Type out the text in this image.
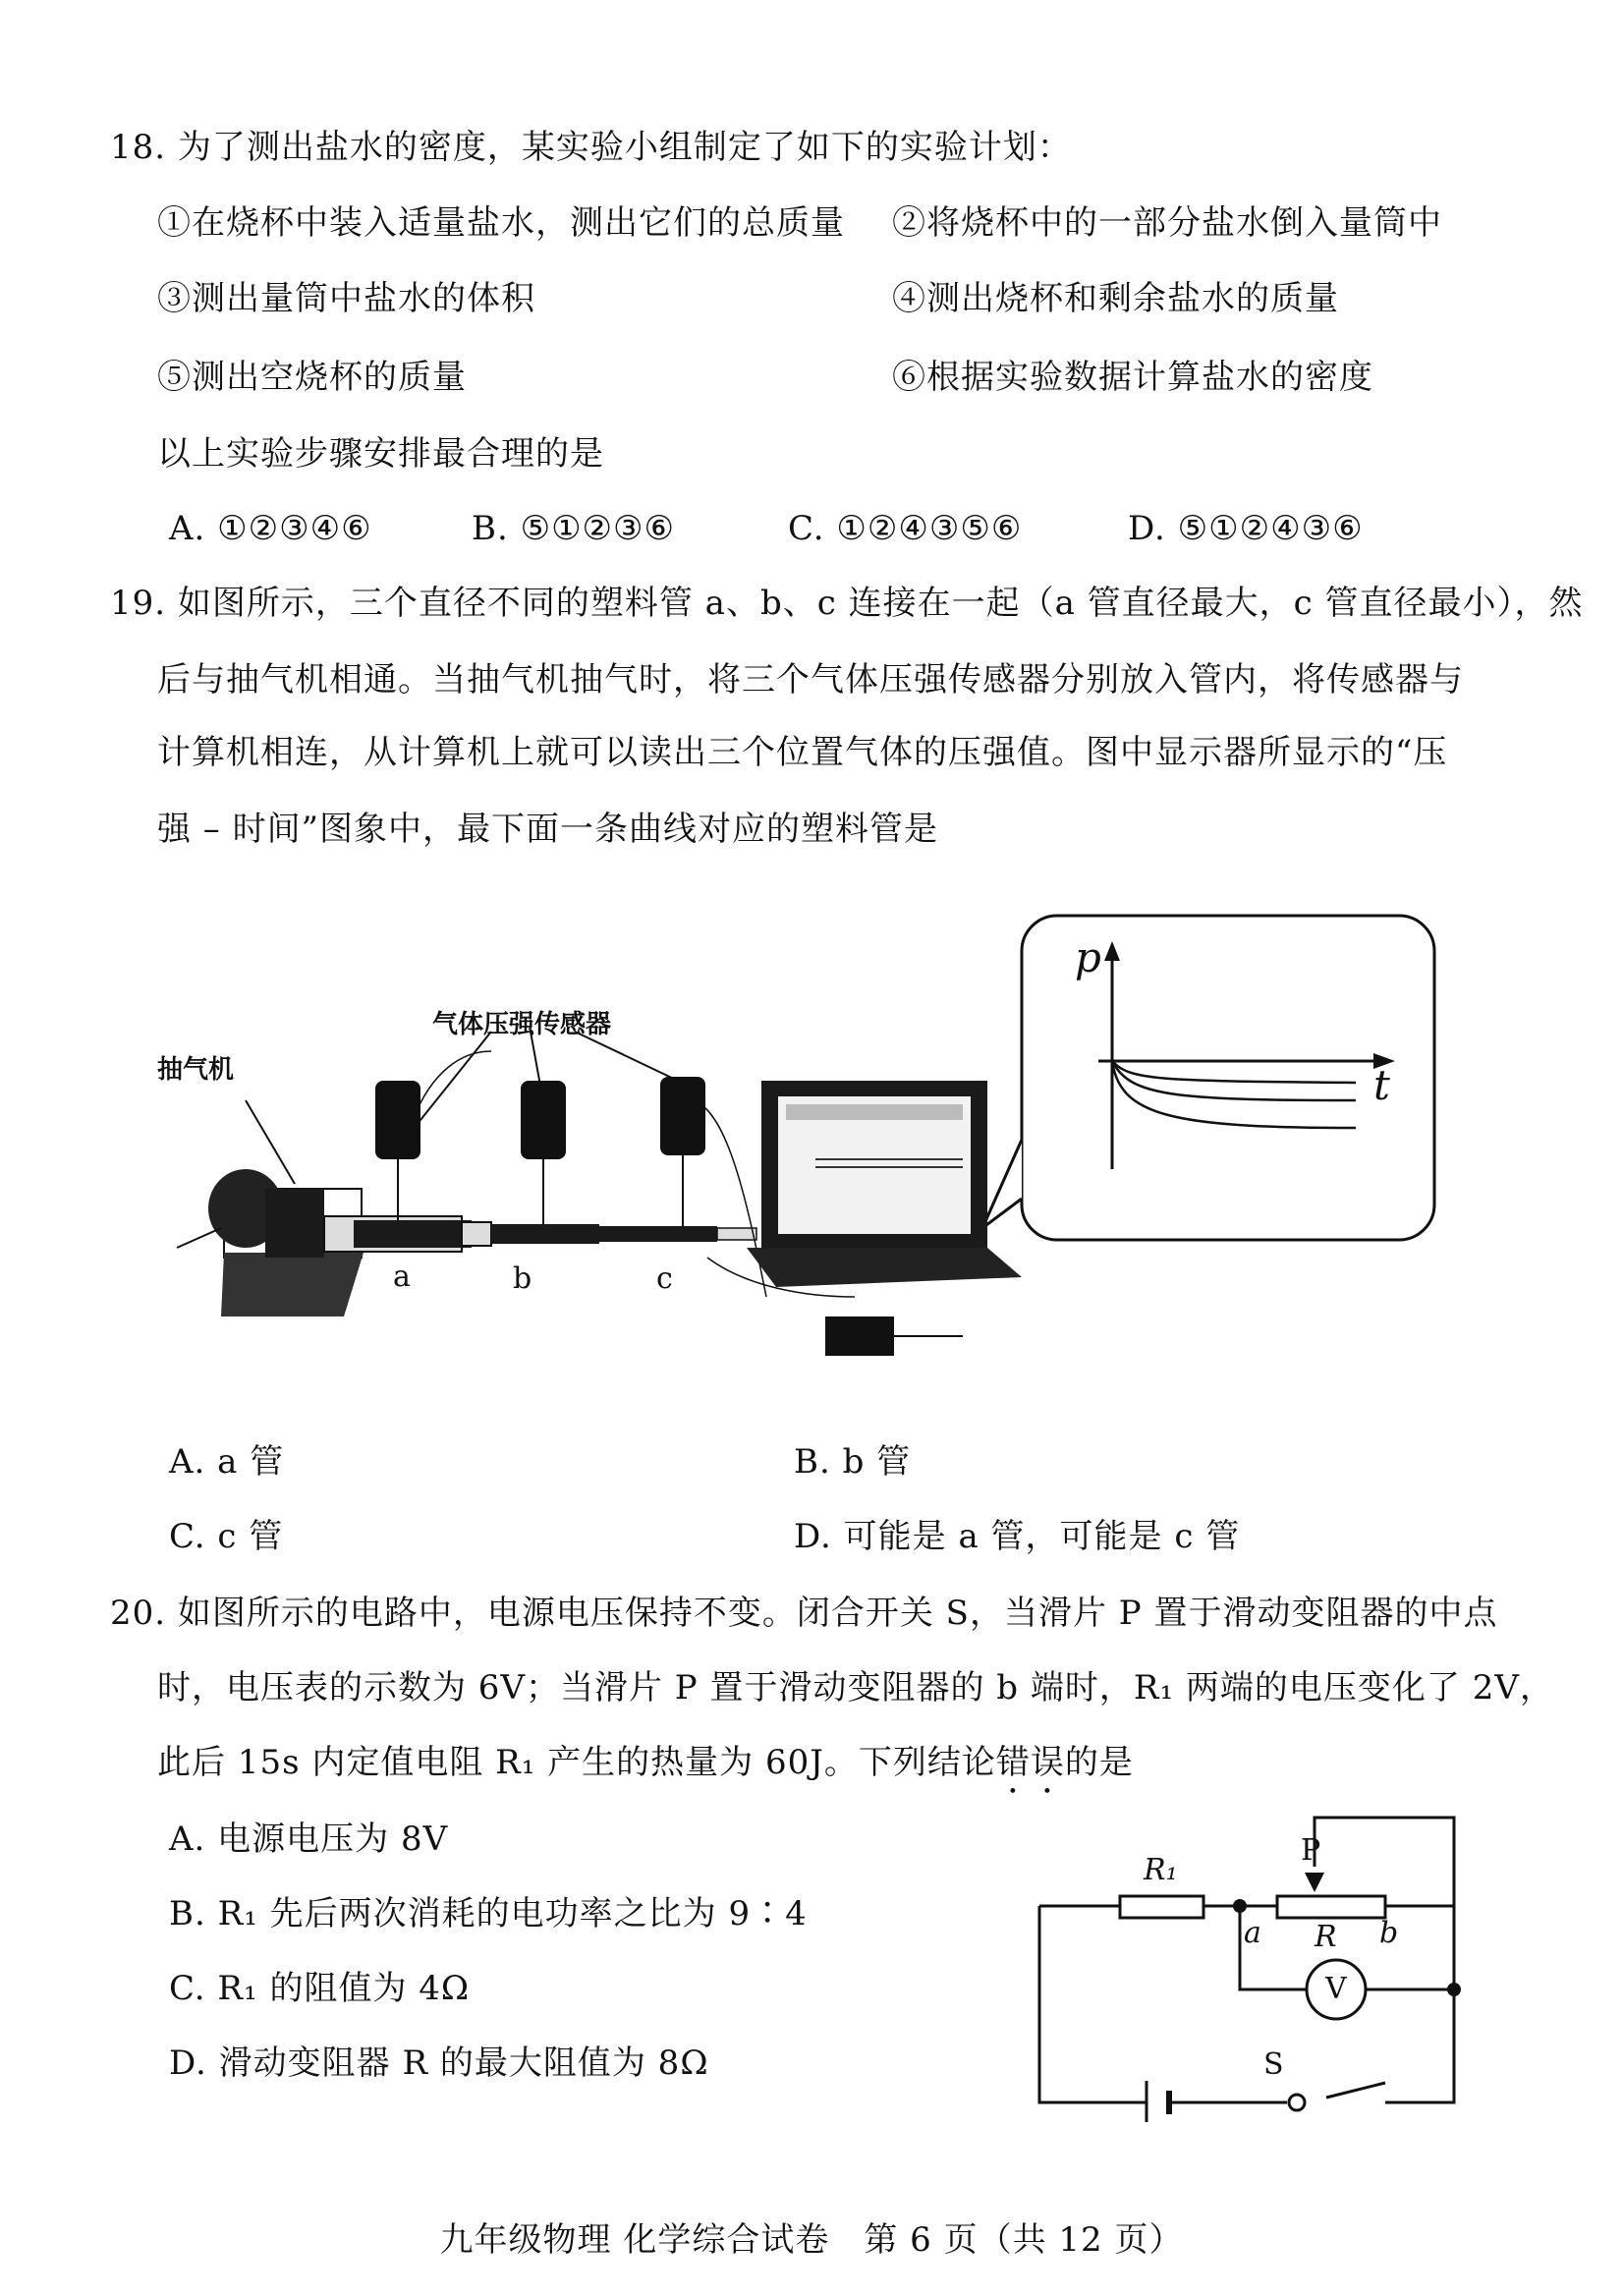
18. 为了测出盐水的密度，某实验小组制定了如下的实验计划：
①在烧杯中装入适量盐水，测出它们的总质量 ②将烧杯中的一部分盐水倒入量筒中
③测出量筒中盐水的体积	④测出烧杯和剩余盐水的质量
⑤测出空烧杯的质量	⑥根据实验数据计算盐水的密度
以上实验步骤安排最合理的是
A. ①②③④⑥	B. ⑤①②③⑥	C. ①②④③⑤⑥	D. ⑤①②④③⑥
19. 如图所示，三个直径不同的塑料管 a、b、c 连接在一起（a 管直径最大，c 管直径最小），然
后与抽气机相通。当抽气机抽气时，将三个气体压强传感器分别放入管内，将传感器与
计算机相连，从计算机上就可以读出三个位置气体的压强值。图中显示器所显示的“压
强 – 时间”图象中，最下面一条曲线对应的塑料管是
气体压强传感器
抽气机
a	b	c
p
t
A. a 管	B. b 管
C. c 管	D. 可能是 a 管，可能是 c 管
20. 如图所示的电路中，电源电压保持不变。闭合开关 S，当滑片 P 置于滑动变阻器的中点
时，电压表的示数为 6V；当滑片 P 置于滑动变阻器的 b 端时，R₁ 两端的电压变化了 2V，
此后 15s 内定值电阻 R₁ 产生的热量为 60J。下列结论错误的是
A. 电源电压为 8V
B. R₁ 先后两次消耗的电功率之比为 9∶4
C. R₁ 的阻值为 4Ω
D. 滑动变阻器 R 的最大阻值为 8Ω
R₁
P
a R b
V
S
九年级物理 化学综合试卷　第 6 页（共 12 页）
